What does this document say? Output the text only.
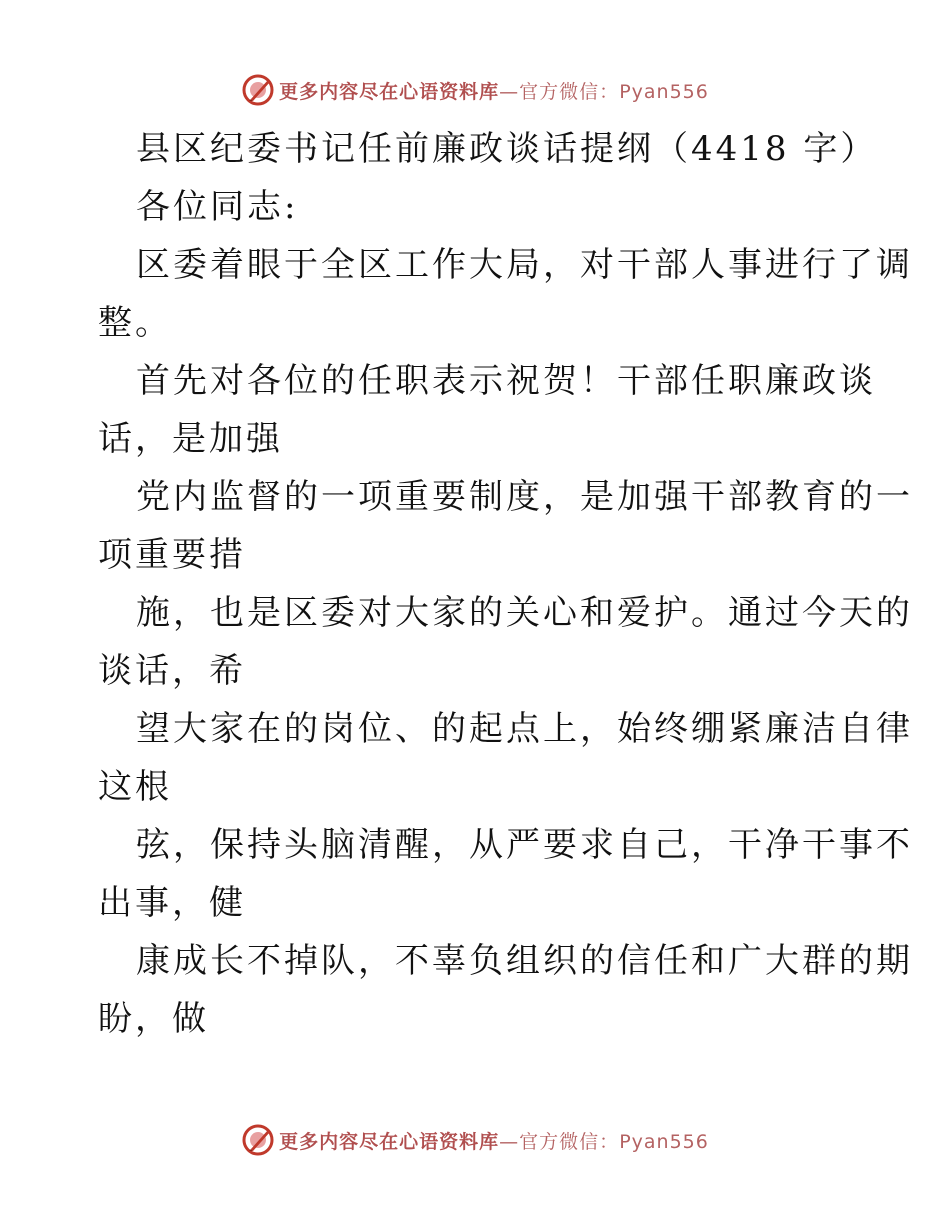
更多内容尽在心语资料库—官方微信：Pyan556
县区纪委书记任前廉政谈话提纲（4418 字）
各位同志:
区委着眼于全区工作大局，对干部人事进行了调
整。
首先对各位的任职表示祝贺！干部任职廉政谈
话，是加强
党内监督的一项重要制度，是加强干部教育的一
项重要措
施，也是区委对大家的关心和爱护。通过今天的
谈话，希
望大家在的岗位、的起点上，始终绷紧廉洁自律
这根
弦，保持头脑清醒，从严要求自己，干净干事不
出事，健
康成长不掉队，不辜负组织的信任和广大群的期
盼，做
更多内容尽在心语资料库—官方微信：Pyan556
